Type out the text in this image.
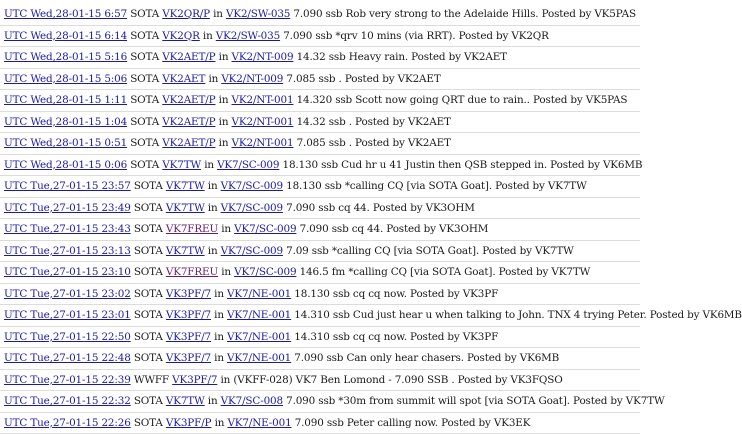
UTC Wed,28-01-15 6:57 SOTA VK2QR/P in VK2/SW-035 7.090 ssb Rob very strong to the Adelaide Hills. Posted by VK5PAS
UTC Wed,28-01-15 6:14 SOTA VK2QR in VK2/SW-035 7.090 ssb *qrv 10 mins (via RRT). Posted by VK2QR
UTC Wed,28-01-15 5:16 SOTA VK2AET/P in VK2/NT-009 14.32 ssb Heavy rain. Posted by VK2AET
UTC Wed,28-01-15 5:06 SOTA VK2AET in VK2/NT-009 7.085 ssb . Posted by VK2AET
UTC Wed,28-01-15 1:11 SOTA VK2AET/P in VK2/NT-001 14.320 ssb Scott now going QRT due to rain.. Posted by VK5PAS
UTC Wed,28-01-15 1:04 SOTA VK2AET/P in VK2/NT-001 14.32 ssb . Posted by VK2AET
UTC Wed,28-01-15 0:51 SOTA VK2AET/P in VK2/NT-001 7.085 ssb . Posted by VK2AET
UTC Wed,28-01-15 0:06 SOTA VK7TW in VK7/SC-009 18.130 ssb Cud hr u 41 Justin then QSB stepped in. Posted by VK6MB
UTC Tue,27-01-15 23:57 SOTA VK7TW in VK7/SC-009 18.130 ssb *calling CQ [via SOTA Goat]. Posted by VK7TW
UTC Tue,27-01-15 23:49 SOTA VK7TW in VK7/SC-009 7.090 ssb cq 44. Posted by VK3OHM
UTC Tue,27-01-15 23:43 SOTA VK7FREU in VK7/SC-009 7.090 ssb cq 44. Posted by VK3OHM
UTC Tue,27-01-15 23:13 SOTA VK7TW in VK7/SC-009 7.09 ssb *calling CQ [via SOTA Goat]. Posted by VK7TW
UTC Tue,27-01-15 23:10 SOTA VK7FREU in VK7/SC-009 146.5 fm *calling CQ [via SOTA Goat]. Posted by VK7TW
UTC Tue,27-01-15 23:02 SOTA VK3PF/7 in VK7/NE-001 18.130 ssb cq cq now. Posted by VK3PF
UTC Tue,27-01-15 23:01 SOTA VK3PF/7 in VK7/NE-001 14.310 ssb Cud just hear u when talking to John. TNX 4 trying Peter. Posted by VK6MB
UTC Tue,27-01-15 22:50 SOTA VK3PF/7 in VK7/NE-001 14.310 ssb cq cq now. Posted by VK3PF
UTC Tue,27-01-15 22:48 SOTA VK3PF/7 in VK7/NE-001 7.090 ssb Can only hear chasers. Posted by VK6MB
UTC Tue,27-01-15 22:39 WWFF VK3PF/7 in (VKFF-028) VK7 Ben Lomond - 7.090 SSB . Posted by VK3FQSO
UTC Tue,27-01-15 22:32 SOTA VK7TW in VK7/SC-008 7.090 ssb *30m from summit will spot [via SOTA Goat]. Posted by VK7TW
UTC Tue,27-01-15 22:26 SOTA VK3PF/P in VK7/NE-001 7.090 ssb Peter calling now. Posted by VK3EK
